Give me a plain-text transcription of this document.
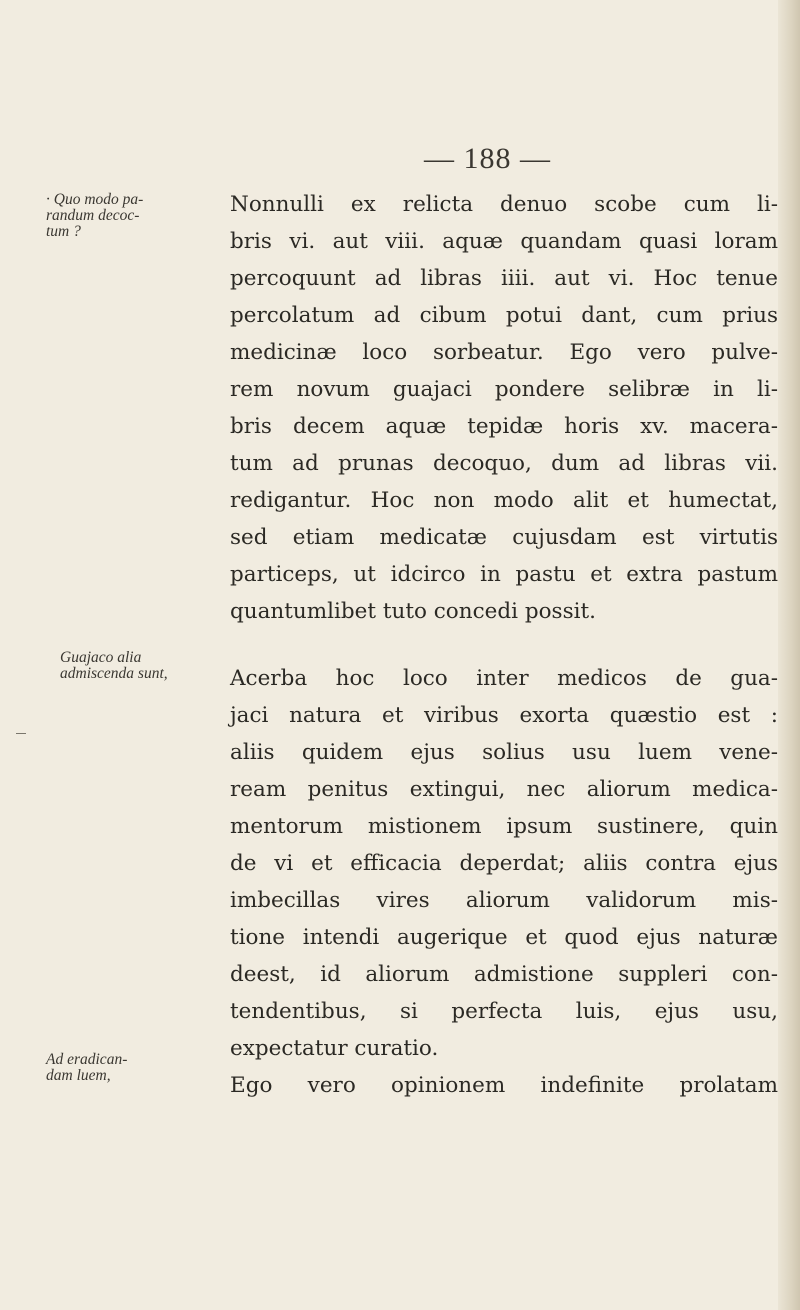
— 188 —
· Quo modo pa-
randum decoc-
tum ?
Guajaco alia
admiscenda sunt,
Ad eradican-
dam luem,
Nonnulli ex relicta denuo scobe cum li-
bris vi. aut viii. aquæ quandam quasi loram
percoquunt ad libras iiii. aut vi. Hoc tenue
percolatum ad cibum potui dant, cum prius
medicinæ loco sorbeatur. Ego vero pulve-
rem novum guajaci pondere selibræ in li-
bris decem aquæ tepidæ horis xv. macera-
tum ad prunas decoquo, dum ad libras vii.
redigantur. Hoc non modo alit et humectat,
sed etiam medicatæ cujusdam est virtutis
particeps, ut idcirco in pastu et extra pastum
quantumlibet tuto concedi possit.
Acerba hoc loco inter medicos de gua-
jaci natura et viribus exorta quæstio est :
aliis quidem ejus solius usu luem vene-
ream penitus extingui, nec aliorum medica-
mentorum mistionem ipsum sustinere, quin
de vi et efficacia deperdat; aliis contra ejus
imbecillas vires aliorum validorum mis-
tione intendi augerique et quod ejus naturæ
deest, id aliorum admistione suppleri con-
tendentibus, si perfecta luis, ejus usu,
expectatur curatio.
Ego vero opinionem indefinite prolatam
